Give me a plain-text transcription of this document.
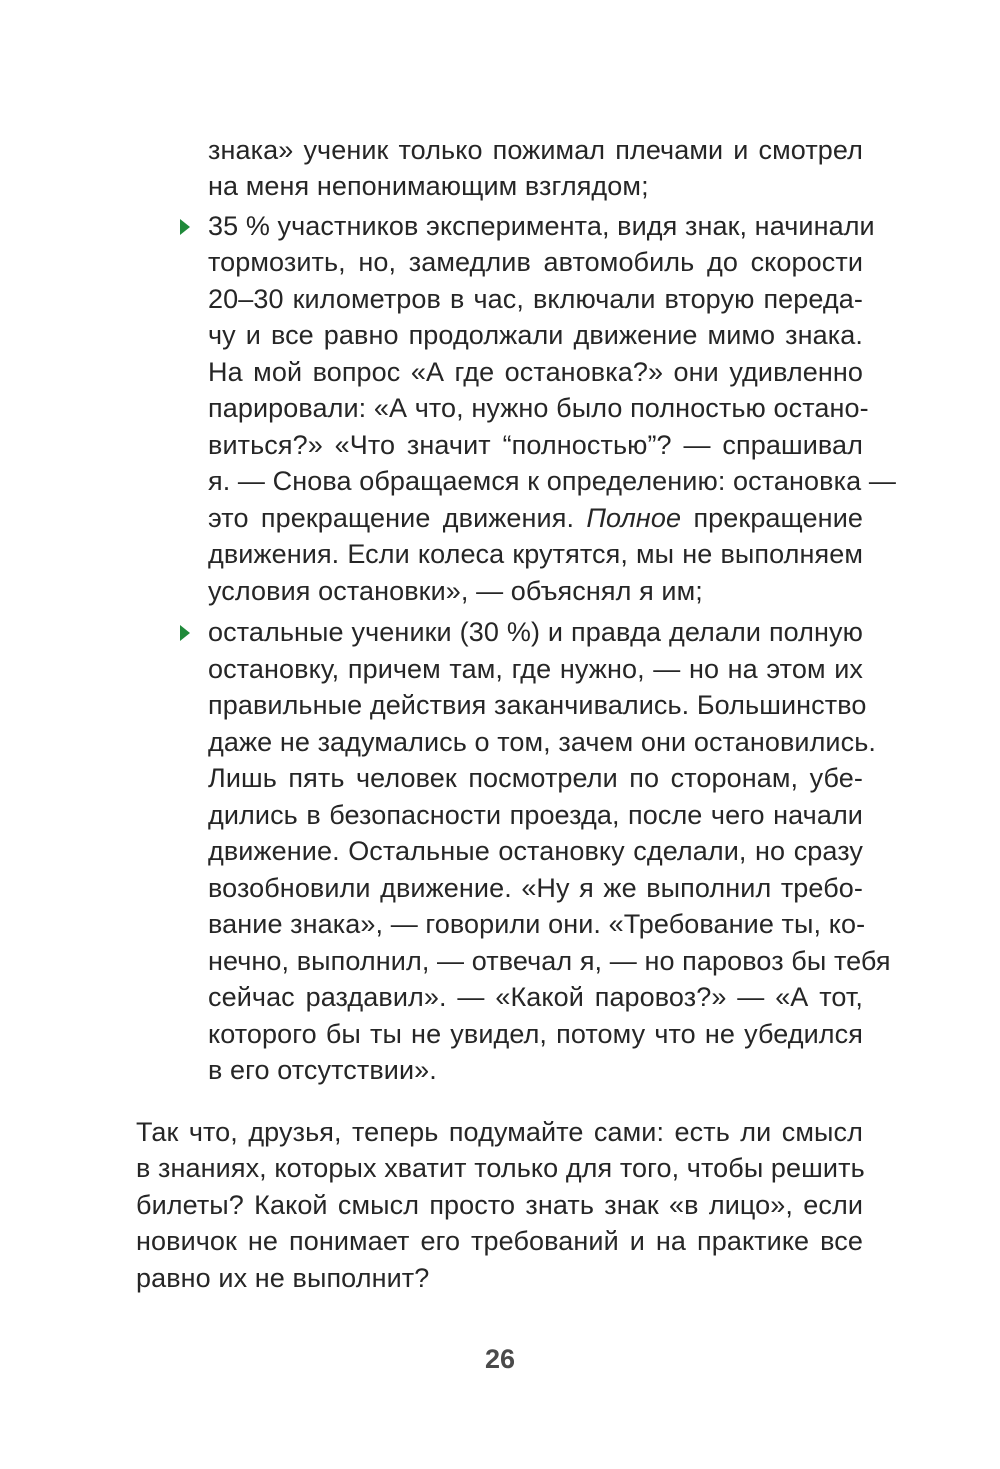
знака» ученик только пожимал плечами и смотрел
на меня непонимающим взглядом;
35 % участников эксперимента, видя знак, начинали
тормозить, но, замедлив автомобиль до скорости
20–30 километров в час, включали вторую переда-
чу и все равно продолжали движение мимо знака.
На мой вопрос «А где остановка?» они удивленно
парировали: «А что, нужно было полностью остано-
виться?» «Что значит “полностью”? — спрашивал
я. — Снова обращаемся к определению: остановка —
это прекращение движения. Полное прекращение
движения. Если колеса крутятся, мы не выполняем
условия остановки», — объяснял я им;
остальные ученики (30 %) и правда делали полную
остановку, причем там, где нужно, — но на этом их
правильные действия заканчивались. Большинство
даже не задумались о том, зачем они остановились.
Лишь пять человек посмотрели по сторонам, убе-
дились в безопасности проезда, после чего начали
движение. Остальные остановку сделали, но сразу
возобновили движение. «Ну я же выполнил требо-
вание знака», — говорили они. «Требование ты, ко-
нечно, выполнил, — отвечал я, — но паровоз бы тебя
сейчас раздавил». — «Какой паровоз?» — «А тот,
которого бы ты не увидел, потому что не убедился
в его отсутствии».
Так что, друзья, теперь подумайте сами: есть ли смысл
в знаниях, которых хватит только для того, чтобы решить
билеты? Какой смысл просто знать знак «в лицо», если
новичок не понимает его требований и на практике все
равно их не выполнит?
26
